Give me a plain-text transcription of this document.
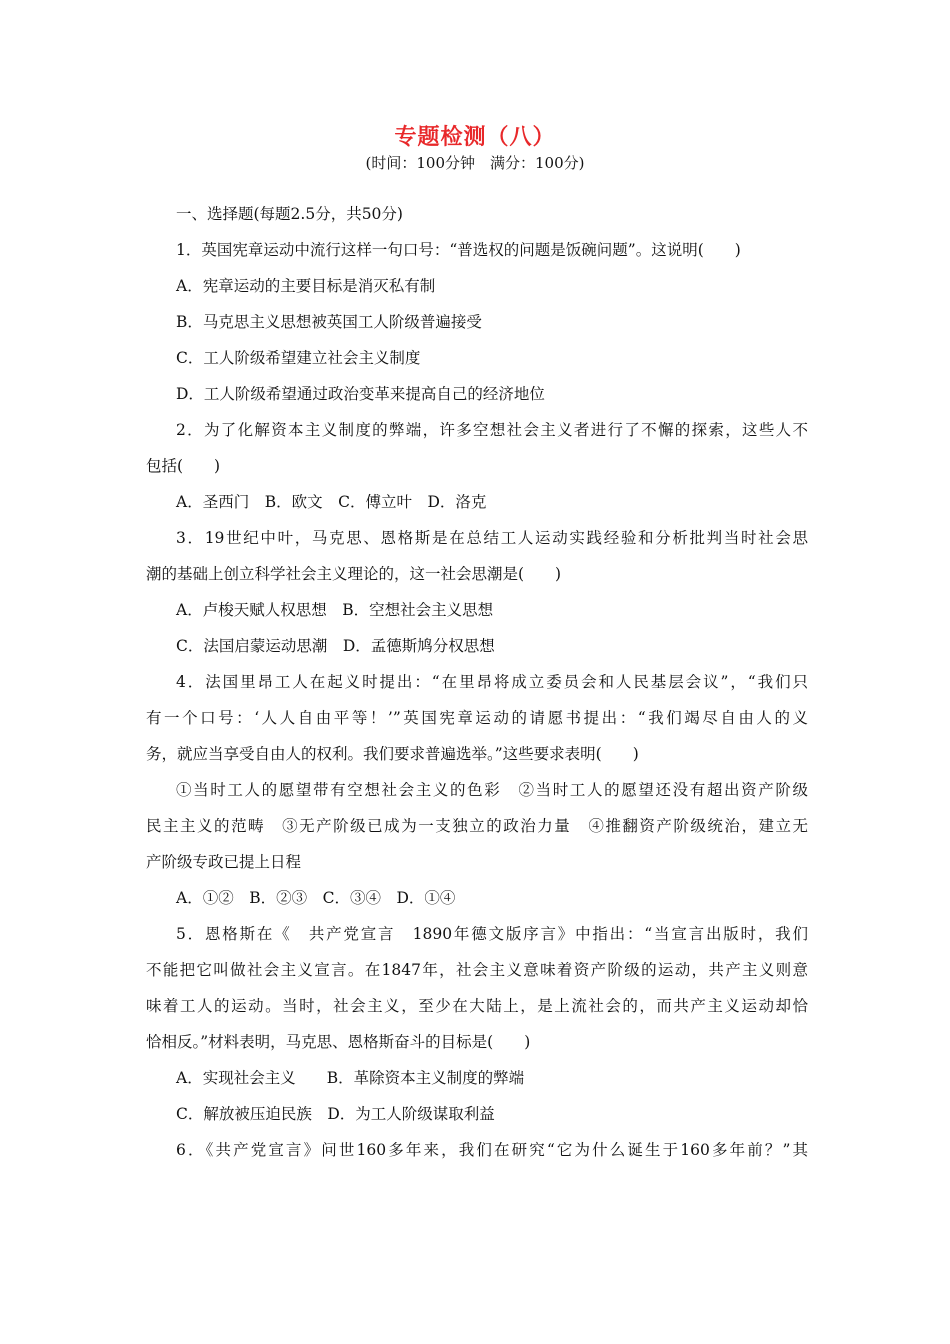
专题检测（八）
(时间：100分钟　满分：100分)

一、选择题(每题2.5分，共50分)

1．英国宪章运动中流行这样一句口号：“普选权的问题是饭碗问题”。这说明(　　)

A．宪章运动的主要目标是消灭私有制

B．马克思主义思想被英国工人阶级普遍接受

C．工人阶级希望建立社会主义制度

D．工人阶级希望通过政治变革来提高自己的经济地位

2．为了化解资本主义制度的弊端，许多空想社会主义者进行了不懈的探索，这些人不

包括(　　)

A．圣西门　B．欧文　C．傅立叶　D．洛克

3．19世纪中叶，马克思、恩格斯是在总结工人运动实践经验和分析批判当时社会思

潮的基础上创立科学社会主义理论的，这一社会思潮是(　　)

A．卢梭天赋人权思想　B．空想社会主义思想

C．法国启蒙运动思潮　D．孟德斯鸠分权思想

4．法国里昂工人在起义时提出：“在里昂将成立委员会和人民基层会议”，“我们只

有一个口号：‘人人自由平等！’”英国宪章运动的请愿书提出：“我们竭尽自由人的义

务，就应当享受自由人的权利。我们要求普遍选举。”这些要求表明(　　)

①当时工人的愿望带有空想社会主义的色彩　②当时工人的愿望还没有超出资产阶级

民主主义的范畴　③无产阶级已成为一支独立的政治力量　④推翻资产阶级统治，建立无

产阶级专政已提上日程

A．①②　B．②③　C．③④　D．①④

5．恩格斯在《　共产党宣言　1890年德文版序言》中指出：“当宣言出版时，我们

不能把它叫做社会主义宣言。在1847年，社会主义意味着资产阶级的运动，共产主义则意

味着工人的运动。当时，社会主义，至少在大陆上，是上流社会的，而共产主义运动却恰

恰相反。”材料表明，马克思、恩格斯奋斗的目标是(　　)

A．实现社会主义　　B．革除资本主义制度的弊端

C．解放被压迫民族　D．为工人阶级谋取利益

6．《共产党宣言》问世160多年来，我们在研究“它为什么诞生于160多年前？”其
